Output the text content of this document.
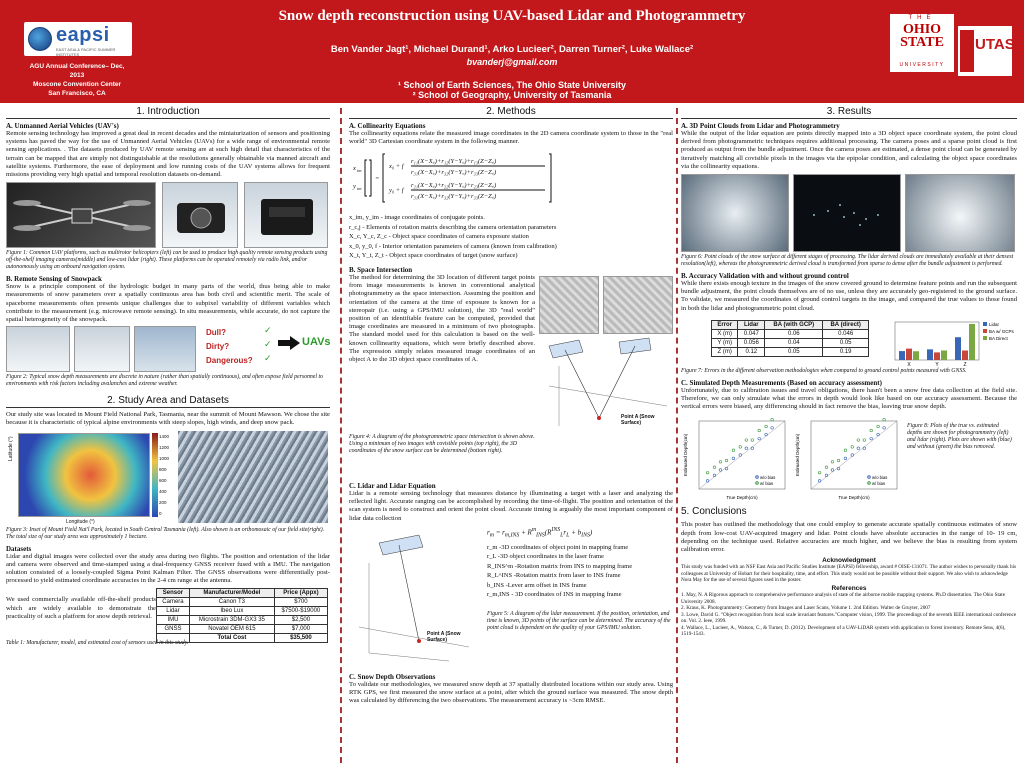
eapsi
EAST ASIA & PACIFIC SUMMER INSTITUTES
AGU Annual Conference– Dec, 2013
Moscone Convention Center
San Francisco, CA
Snow depth reconstruction using UAV-based Lidar and Photogrammetry
Ben Vander Jagt¹, Michael Durand¹, Arko Lucieer², Darren Turner², Luke Wallace²
bvanderj@gmail.com
¹ School of Earth Sciences, The Ohio State University
² School of Geography, University of Tasmania
THE
OHIO
STATE
UNIVERSITY
UTAS
1. Introduction
A. Unmanned Aerial Vehicles (UAV's)
Remote sensing technology has improved a great deal in recent decades and the miniaturization of sensors and positioning systems has paved the way for the use of Unmanned Aerial Vehicles (UAVs) for a wide range of environmental remote sensing applications. . The datasets produced by UAV remote sensing are at such high detail that characteristics of the terrain can be mapped that are simply not distinguishable at the resolutions generally obtainable via manned aircraft and satellite systems. Furthermore, the ease of deployment and low running costs of the UAV systems allows for frequent missions providing very high spatial and temporal resolution datasets on-demand.
Figure 1: Common UAV platforms, such as multirotor helicopters (left) can be used to produce high quality remote sensing products using off-the-shelf imaging cameras(middle) and low-cost lidar (right). These platforms can be operated remotely via radio link, and/or autonomously using an onboard navigation system.
B. Remote Sensing of Snowpack
Snow is a principle component of the hydrologic budget in many parts of the world, thus being able to make measurements of snow parameters over a spatially continuous area has both civil and scientific merit. The scale of spaceborne measurements often presents unique challenges due to subpixel variability of different variables which contribute to the measurement (e.g. microwave remote sensing). In situ measurements, while accurate, do not capture the spatial heterogeneity of the snowpack.
Dull?
Dirty?
Dangerous?
✓
✓
✓
UAVs
Figure 2: Typical snow depth measurements are discrete in nature (rather than spatially continuous), and often expose field personnel to environments with risk factors including avalanches and extreme weather.
2. Study Area and Datasets
Our study site was located in Mount Field National Park, Tasmania, near the summit of Mount Mawson. We chose the site because it is characteristic of typical alpine environments with steep slopes, high winds, and deep snow pack.
Latitude (°)	1400
1200
1000
800
600
400
200
0
Longitude (°)
Figure 3: Inset of Mount Field Nat'l Park, located in South Central Tasmania (left). Also shown is an orthomosaic of our field site(right). The total size of our study area was approximately 1 hectare.
Datasets
Lidar and digital images were collected over the study area during two flights. The position and orientation of the lidar and camera were observed and time-stamped using a dual-frequency GNSS receiver fused with a IMU. The navigation solution consisted of a loosely-coupled Sigma Point Kalman Filter. The GNSS observations were differentially post-processed to yield estimated coordinate accuracies in the 2-4 cm range at the antenna.
We used commercially available off-the-shelf products which are widely available to demonstrate the practicality of such a platform for snow depth retrieval.
Sensor	Manufacturer/Model	Price (Appx)
Camera	Canon T3	$700
Lidar	Ibeo Lux	$7500-$19000
IMU	Microstrain 3DM-GX3 35	$2,500
GNSS	Novatel OEM 615	$7,000
	Total Cost	$35,500
Table 1: Manufacturer, model, and estimated cost of sensors used in this study.
2. Methods
A. Collinearity Equations
The collinearity equations relate the measured image coordinates in the 2D camera coordinate system to those in the "real world" 3D Cartesian coordinate system in the following manner.
x im
y im
=
x₀ + f
r₁₁(X−X꜀)+r₁₂(Y−Y꜀)+r₁₃(Z−Z꜀)
r₃₁(X−X꜀)+r₃₂(Y−Y꜀)+r₃₃(Z−Z꜀)
y₀ + f
r₂₁(X−X꜀)+r₂₂(Y−Y꜀)+r₂₃(Z−Z꜀)
r₃₁(X−X꜀)+r₃₂(Y−Y꜀)+r₃₃(Z−Z꜀)
x_im, y_im - image coordinates of conjugate points.
r_c,j - Elements of rotation matrix describing the camera orientation parameters
X_c, Y_c, Z_c - Object space coordinates of camera exposure station
x_0, y_0, f - Interior orientation parameters of camera (known from calibration)
X_t, Y_t, Z_t - Object space coordinates of target (snow surface)
B. Space Intersection
The method for determining the 3D location of different target points from image measurements is known in conventional analytical photogrammetry as the space intersection. Assuming the position and orientation of the camera at the time of exposure is known for a stereopair (i.e. using a GPS/IMU solution), the 3D "real world" position of an identifiable feature can be computed, provided that image coordinates are measured in a minimum of two photographs. The standard model used for this calculation is based on the well-known collinearity equations, which were briefly described above. The expression simply relates measured image coordinates of an object A to the 3D object space coordinates of A.
Point A (Snow Surface)
Figure 4: A diagram of the photogrammetric space intersection is shown above. Using a minimum of two images with covisible points (top right), the 3D coordinates of the snow surface can be determined (bottom right).
C. Lidar and Lidar Equation
Lidar is a remote sensing technology that measures distance by illuminating a target with a laser and analyzing the reflected light. Accurate ranging can be accomplished by recording the time-of-flight. The position and orientation of the scan system is need to construct and orient the point cloud. Accurate timing is arguably the most important component of lidar data collection
Point A (Snow Surface)
$r_m = r_{m,INS} + R^m_{INS}(R^{INS}_Lr_L + b_{INS})$
r_m -3D coordinates of object point in mapping frame
r_L -3D object coordinates in the laser frame
R_INS^m -Rotation matrix from INS to mapping frame
R_L^INS -Rotation matrix from laser to INS frame
b_INS -Lever arm offset in INS frame
r_m,INS - 3D coordinates of INS in mapping frame
Figure 5: A diagram of the lidar measurement. If the position, orientation, and time is known, 3D points of the surface can be determined. The accuracy of the point cloud is dependent on the quality of your GPS/IMU solution.
C. Snow Depth Observations
To validate our methodologies, we measured snow depth at 37 spatially distributed locations within our study area. Using RTK GPS, we first measured the snow surface at a point, after which the ground surface was measured. The snow depth was calculated by differencing the two observations. The measurement accuracy is ~3cm RMSE.
3. Results
A. 3D Point Clouds from Lidar and Photogrammetry
While the output of the lidar equation are points directly mapped into a 3D object space coordinate system, the point cloud derived from photogrammetric techniques requires additional processing. The camera poses and a sparse point cloud is first produced as output from the bundle adjustment. Once the camera poses are estimated, a dense point cloud can be generated by iteratively matching all covisible pixels in the images via the epipolar condition, and calculating the object space coordinates via the collinearity equations.
Figure 6: Point clouds of the snow surface at different stages of processing. The lidar derived clouds are immediately available at their densest resolution(left), whereas the photogrammetric derived cloud is transformed from sparse to dense after the bundle adjustment is performed.
B. Accuracy Validation with and without ground control
While there exists enough texture in the images of the snow covered ground to determine feature points and run the subsequent bundle adjustment, the point clouds themselves are of no use, unless they are accurately geo-registered to the ground surface. To validate, we measured the coordinates of ground control targets in the image, and compared the true values to those found in both the lidar and photogrammetric point cloud.
Error	Lidar	BA (with GCP)	BA (direct)
X (m)	0.047	0.06	0.046
Y (m)	0.056	0.04	0.05
Z (m)	0.12	0.05	0.19
X	Y	Z
Lidar
BA w/ GCPs
BA Direct
Figure 7: Errors in the different observation methodologies when compared to ground control points measured with GNSS.
C. Simulated Depth Measurements (Based on accuracy assessment)
Unfortunately, due to calibration issues and travel obligations, there hasn't been a snow free data collection at the field site. Therefore, we can only simulate what the errors in depth would look like based on our accuracy assessment. Because the vertical errors were biased, any differencing should in fact remove the bias, leaving true snow depth.
True Depth(cm)
Estimated Depth(cm)
w/o bias
w/ bias
True Depth(cm)
Estimated Depth(cm)
w/o bias
w/ bias
Figure 8: Plots of the true vs. estimated depths are shown for photogrammetry (left) and lidar (right). Plots are shown with (blue) and without (green) the bias removed.
5. Conclusions
This poster has outlined the methodology that one could employ to generate accurate spatially continuous estimates of snow depth from low-cost UAV-acquired imagery and lidar. Point clouds have absolute accuracies in the range of 10- 19 cm, depending on the technique used. Relative accuracies are much higher, and we believe the bias is resulting from system calibration error.
Acknowledgment
This study was funded with an NSF East Asia and Pacific Studies Institute (EAPSI) fellowship, award # OISE-131071. The author wishes to personally thank his colleagues at University of Hobart for their hospitality, time, and effort. This study would not be possible without their support. We also wish to acknowledge Nora May for the use of several figures used in the poster.
References
1. May, N. A Rigorous approach to comprehensive performance analysis of state of the airborne mobile mapping systems. Ph.D dissertation. The Ohio State University 2008.
2. Kraus, K. Photogrammetry: Geometry from Images and Laser Scans, Volume 1. 2nd Edition. Walter de Gruyter, 2007
3. Lowe, David G. "Object recognition from local scale invariant features."Computer vision, 1999. The proceedings of the seventh IEEE international conference on. Vol. 2. Ieee, 1999.
4. Wallace, L., Lucieer, A., Watson, C., & Turner, D. (2012). Development of a UAV-LiDAR system with application to forest inventory. Remote Sens, 4(6), 1519-1543.
